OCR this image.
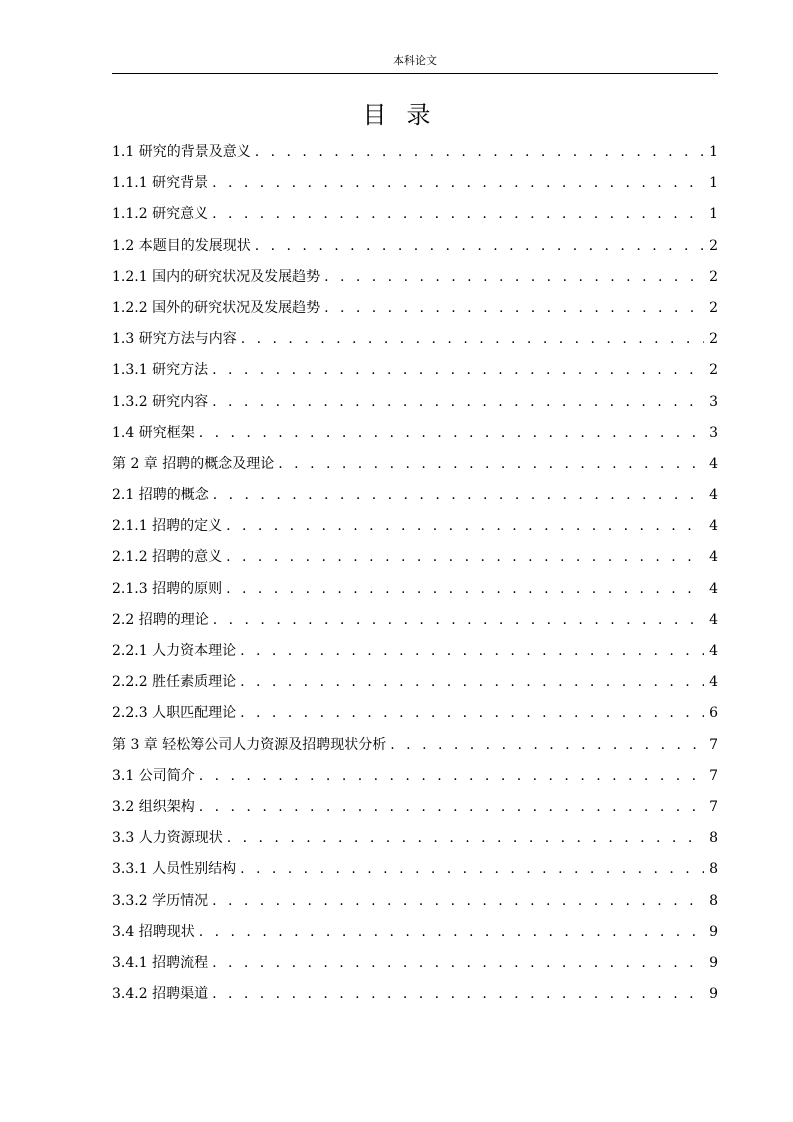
本科论文
目录
1.1 研究的背景及意义 . . .	1
1.1.1 研究背景 . . .	1
1.1.2 研究意义 . . .	1
1.2 本题目的发展现状 . . .	2
1.2.1 国内的研究状况及发展趋势 . . .	2
1.2.2 国外的研究状况及发展趋势 . . .	2
1.3 研究方法与内容 . . .	2
1.3.1 研究方法 . . .	2
1.3.2 研究内容 . . .	3
1.4 研究框架 . . .	3
第 2 章 招聘的概念及理论 . . .	4
2.1 招聘的概念 . . .	4
2.1.1 招聘的定义 . . .	4
2.1.2 招聘的意义 . . .	4
2.1.3 招聘的原则 . . .	4
2.2 招聘的理论 . . .	4
2.2.1 人力资本理论 . . .	4
2.2.2 胜任素质理论 . . .	4
2.2.3 人职匹配理论 . . .	6
第 3 章 轻松筹公司人力资源及招聘现状分析 . . .	7
3.1 公司简介 . . .	7
3.2 组织架构 . . .	7
3.3 人力资源现状 . . .	8
3.3.1 人员性别结构 . . .	8
3.3.2 学历情况 . . .	8
3.4 招聘现状 . . .	9
3.4.1 招聘流程 . . .	9
3.4.2 招聘渠道 . . .	9
